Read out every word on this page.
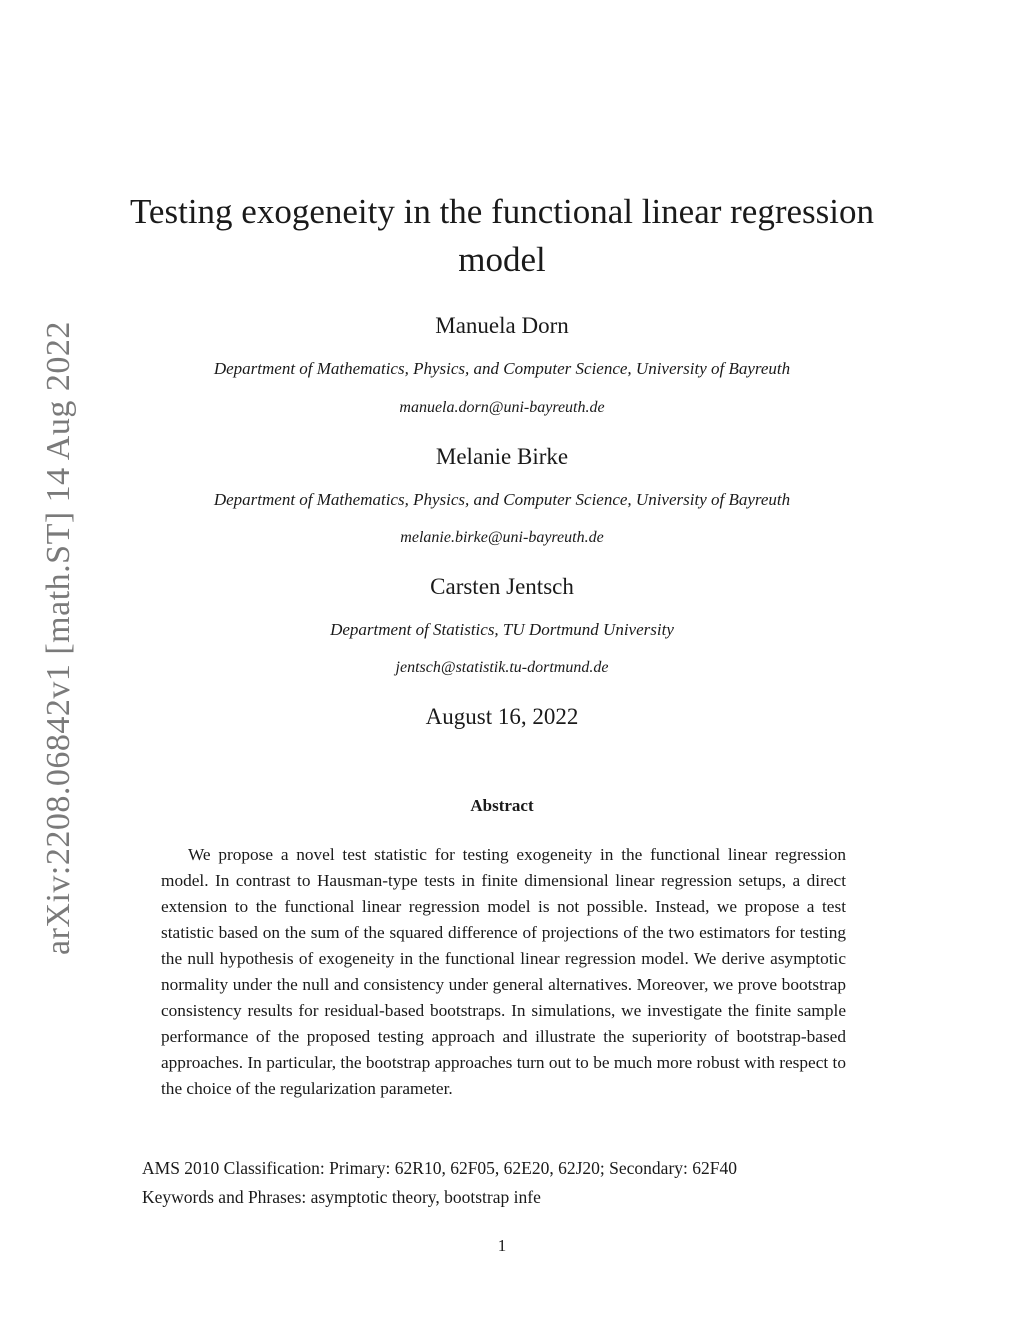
arXiv:2208.06842v1 [math.ST] 14 Aug 2022
Testing exogeneity in the functional linear regression model
Manuela Dorn
Department of Mathematics, Physics, and Computer Science, University of Bayreuth
manuela.dorn@uni-bayreuth.de
Melanie Birke
Department of Mathematics, Physics, and Computer Science, University of Bayreuth
melanie.birke@uni-bayreuth.de
Carsten Jentsch
Department of Statistics, TU Dortmund University
jentsch@statistik.tu-dortmund.de
August 16, 2022
Abstract

We propose a novel test statistic for testing exogeneity in the functional linear regression model. In contrast to Hausman-type tests in finite dimensional linear regression setups, a direct extension to the functional linear regression model is not possible. Instead, we propose a test statistic based on the sum of the squared difference of projections of the two estimators for testing the null hypothesis of exogeneity in the functional linear regression model. We derive asymptotic normality under the null and consistency under general alternatives. Moreover, we prove bootstrap consistency results for residual-based bootstraps. In simulations, we investigate the finite sample performance of the proposed testing approach and illustrate the superiority of bootstrap-based approaches. In particular, the bootstrap approaches turn out to be much more robust with respect to the choice of the regularization parameter.

AMS 2010 Classification: Primary: 62R10, 62F05, 62E20, 62J20; Secondary: 62F40
Keywords and Phrases: asymptotic theory, bootstrap infe
1
